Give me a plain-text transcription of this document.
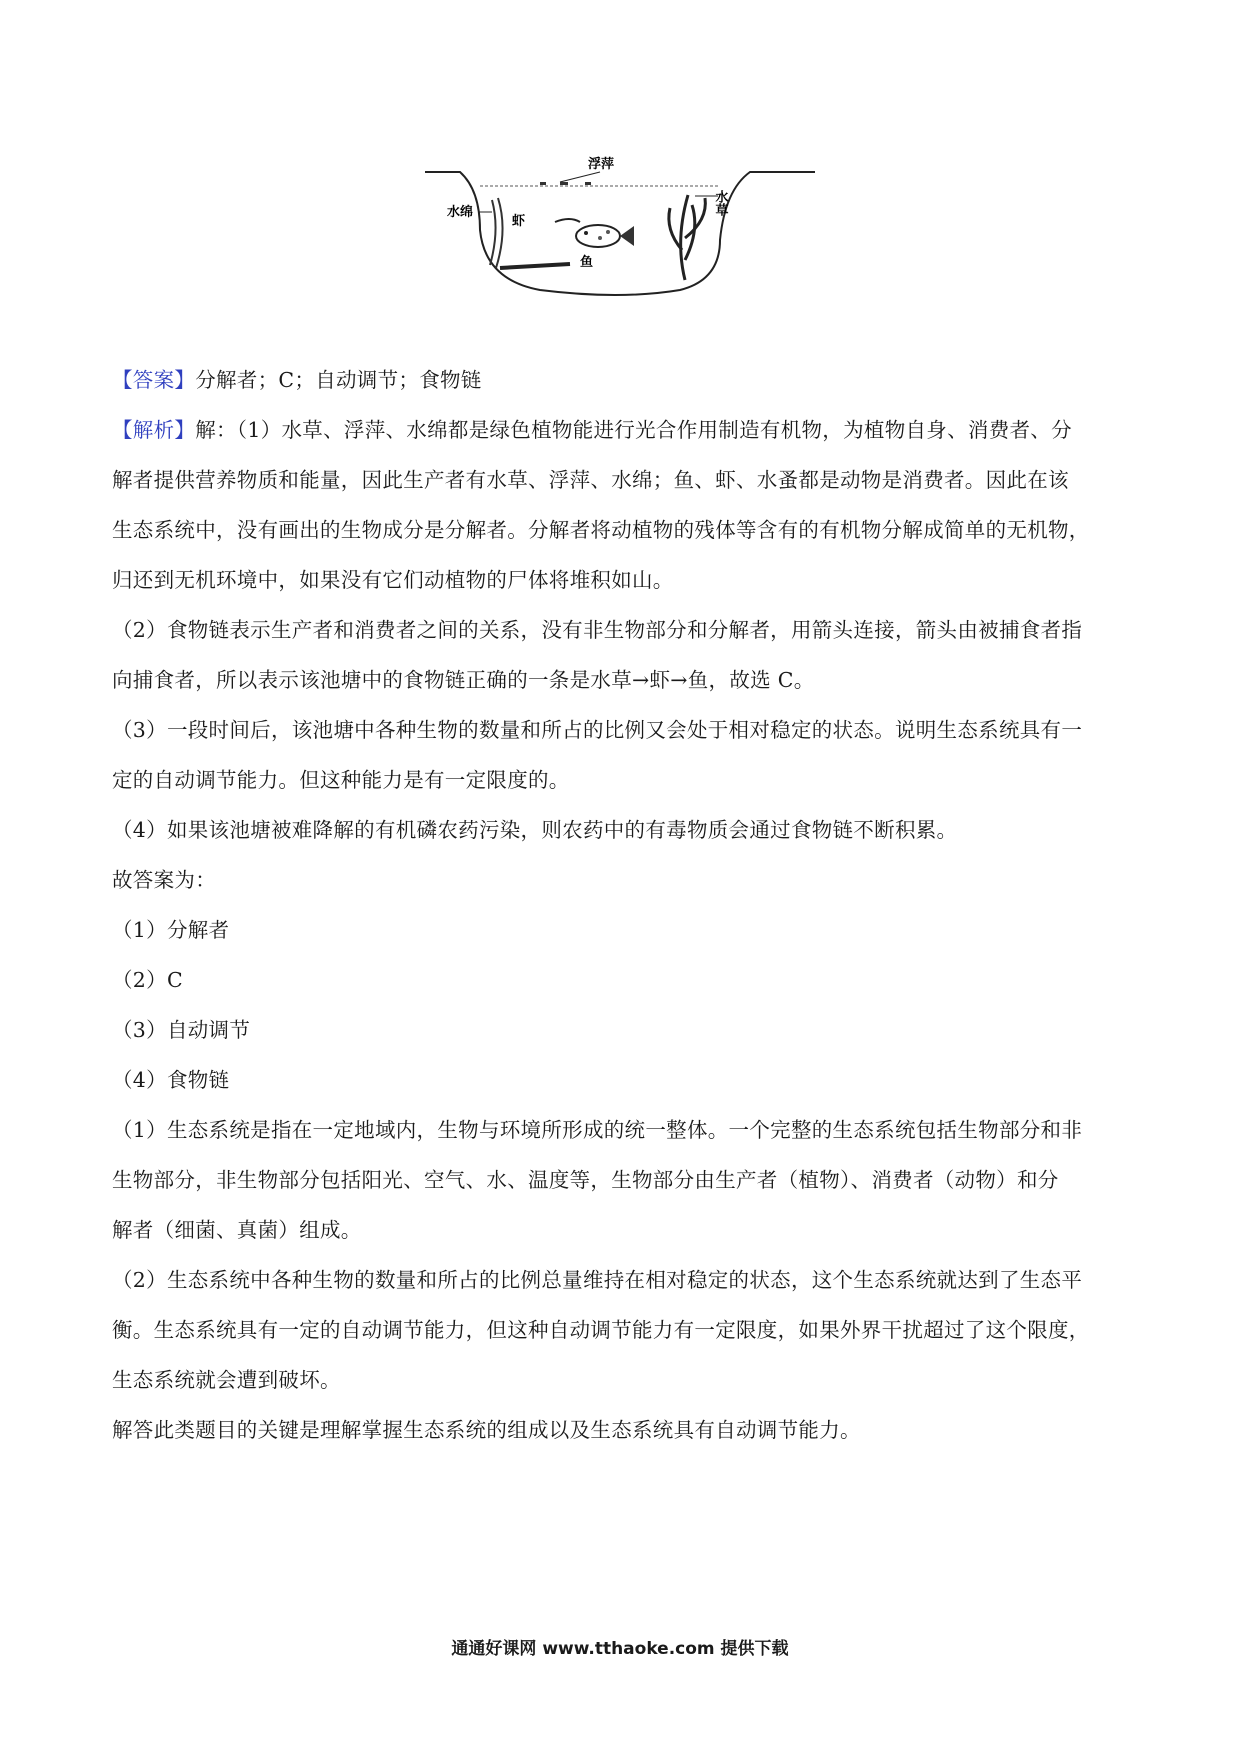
浮萍
水草
水绵
虾
鱼
【答案】分解者；C；自动调节；食物链
【解析】解：（1）水草、浮萍、水绵都是绿色植物能进行光合作用制造有机物，为植物自身、消费者、分
解者提供营养物质和能量，因此生产者有水草、浮萍、水绵；鱼、虾、水蚤都是动物是消费者。因此在该
生态系统中，没有画出的生物成分是分解者。分解者将动植物的残体等含有的有机物分解成简单的无机物，
归还到无机环境中，如果没有它们动植物的尸体将堆积如山。
（2）食物链表示生产者和消费者之间的关系，没有非生物部分和分解者，用箭头连接，箭头由被捕食者指
向捕食者，所以表示该池塘中的食物链正确的一条是水草→虾→鱼，故选 C。
（3）一段时间后，该池塘中各种生物的数量和所占的比例又会处于相对稳定的状态。说明生态系统具有一
定的自动调节能力。但这种能力是有一定限度的。
（4）如果该池塘被难降解的有机磷农药污染，则农药中的有毒物质会通过食物链不断积累。
故答案为：
（1）分解者
（2）C
（3）自动调节
（4）食物链
（1）生态系统是指在一定地域内，生物与环境所形成的统一整体。一个完整的生态系统包括生物部分和非
生物部分，非生物部分包括阳光、空气、水、温度等，生物部分由生产者（植物）、消费者（动物）和分
解者（细菌、真菌）组成。
（2）生态系统中各种生物的数量和所占的比例总量维持在相对稳定的状态，这个生态系统就达到了生态平
衡。生态系统具有一定的自动调节能力，但这种自动调节能力有一定限度，如果外界干扰超过了这个限度，
生态系统就会遭到破坏。
解答此类题目的关键是理解掌握生态系统的组成以及生态系统具有自动调节能力。
通通好课网 www.tthaoke.com 提供下载
